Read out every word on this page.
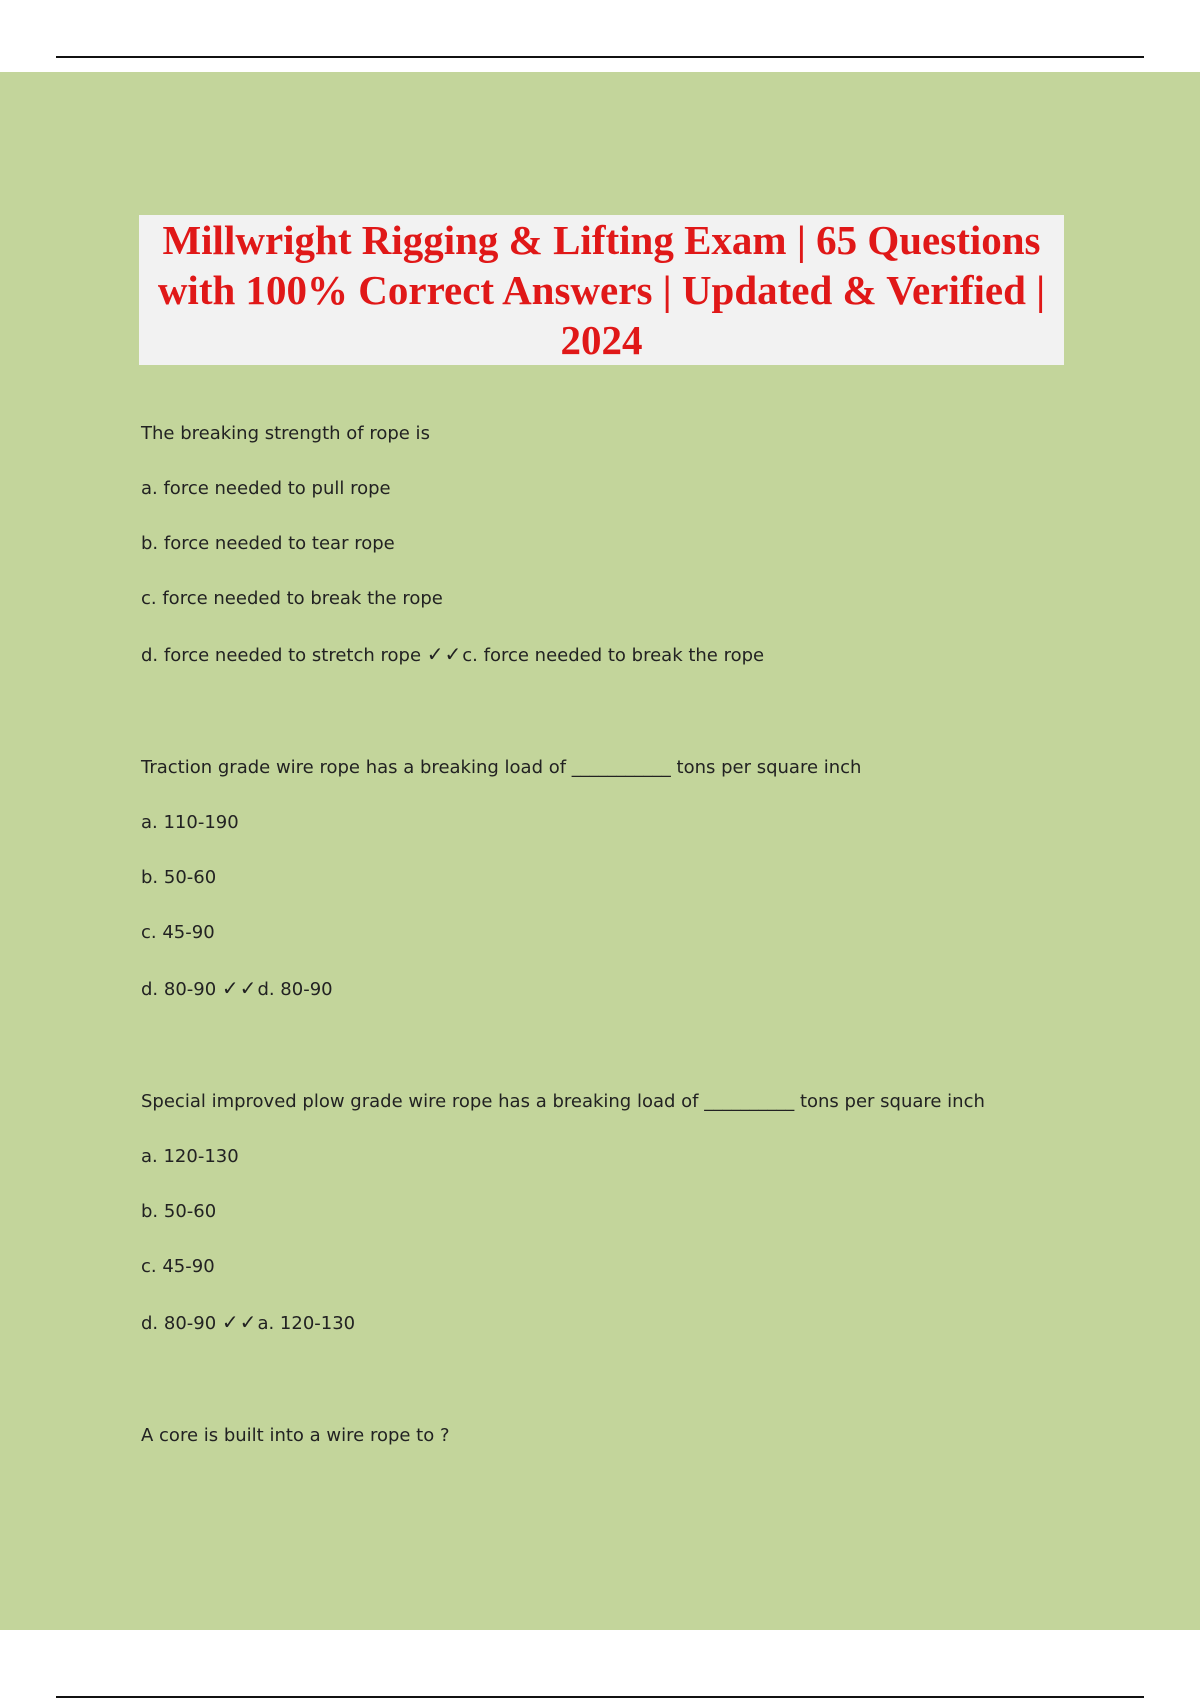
Millwright Rigging & Lifting Exam | 65 Questions with 100% Correct Answers | Updated & Verified | 2024

The breaking strength of rope is

a. force needed to pull rope

b. force needed to tear rope

c. force needed to break the rope

d. force needed to stretch rope ✓✓c. force needed to break the rope

Traction grade wire rope has a breaking load of ___________ tons per square inch

a. 110-190

b. 50-60

c. 45-90

d. 80-90 ✓✓d. 80-90

Special improved plow grade wire rope has a breaking load of __________ tons per square inch

a. 120-130

b. 50-60

c. 45-90

d. 80-90 ✓✓a. 120-130

A core is built into a wire rope to ?
